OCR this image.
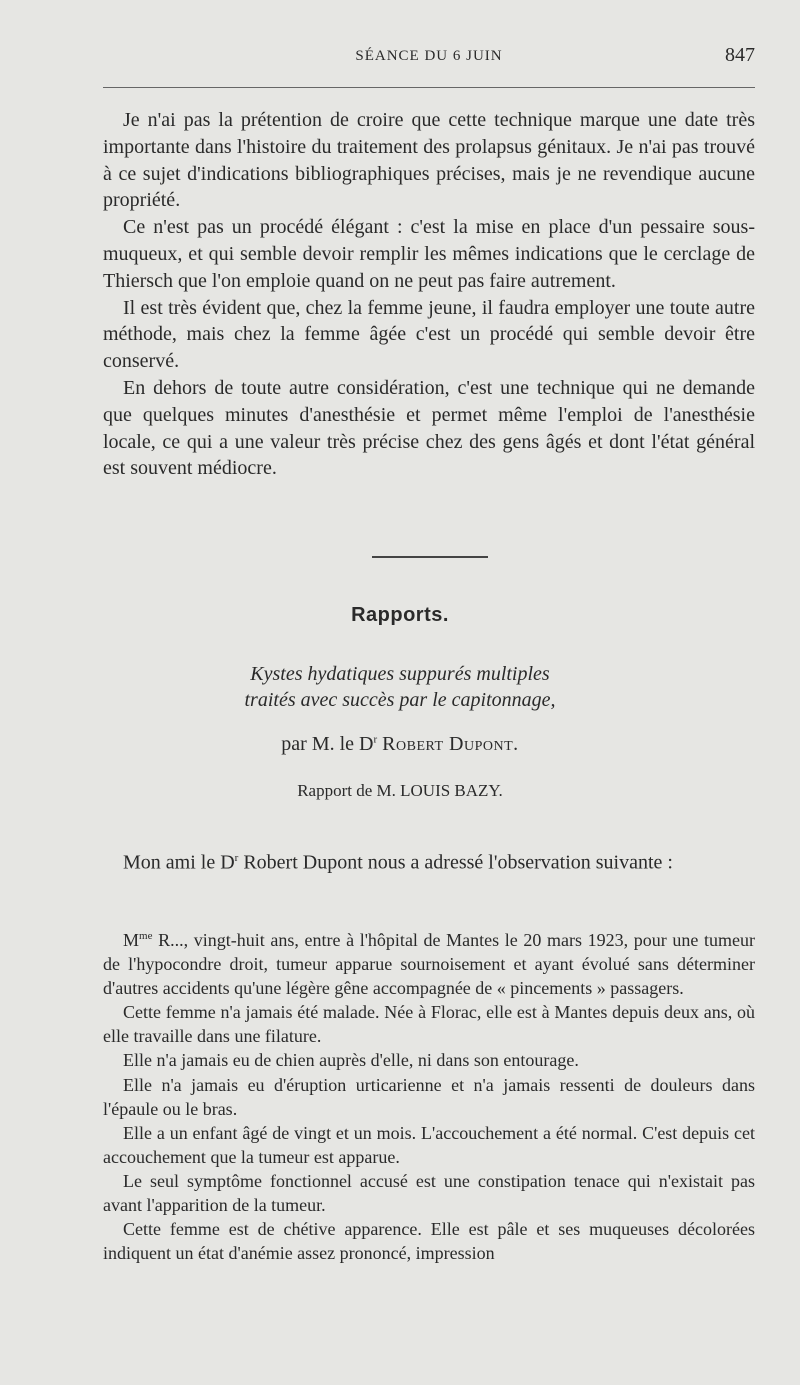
SÉANCE DU 6 JUIN	847

Je n'ai pas la prétention de croire que cette technique marque une date très importante dans l'histoire du traitement des prolapsus génitaux. Je n'ai pas trouvé à ce sujet d'indications bibliographiques précises, mais je ne revendique aucune propriété.

Ce n'est pas un procédé élégant : c'est la mise en place d'un pessaire sous-muqueux, et qui semble devoir remplir les mêmes indications que le cerclage de Thiersch que l'on emploie quand on ne peut pas faire autrement.

Il est très évident que, chez la femme jeune, il faudra employer une toute autre méthode, mais chez la femme âgée c'est un procédé qui semble devoir être conservé.

En dehors de toute autre considération, c'est une technique qui ne demande que quelques minutes d'anesthésie et permet même l'emploi de l'anesthésie locale, ce qui a une valeur très précise chez des gens âgés et dont l'état général est souvent médiocre.

Rapports.
Kystes hydatiques suppurés multiples
traités avec succès par le capitonnage,
par M. le $D^r$ Robert Dupont.
Rapport de M. LOUIS BAZY.

Mon ami le $D^r$ Robert Dupont nous a adressé l'observation suivante :

$M^{me}$ R..., vingt-huit ans, entre à l'hôpital de Mantes le 20 mars 1923, pour une tumeur de l'hypocondre droit, tumeur apparue sournoisement et ayant évolué sans déterminer d'autres accidents qu'une légère gêne accompagnée de « pincements » passagers.

Cette femme n'a jamais été malade. Née à Florac, elle est à Mantes depuis deux ans, où elle travaille dans une filature.

Elle n'a jamais eu de chien auprès d'elle, ni dans son entourage.

Elle n'a jamais eu d'éruption urticarienne et n'a jamais ressenti de douleurs dans l'épaule ou le bras.

Elle a un enfant âgé de vingt et un mois. L'accouchement a été normal. C'est depuis cet accouchement que la tumeur est apparue.

Le seul symptôme fonctionnel accusé est une constipation tenace qui n'existait pas avant l'apparition de la tumeur.

Cette femme est de chétive apparence. Elle est pâle et ses muqueuses décolorées indiquent un état d'anémie assez prononcé, impression
